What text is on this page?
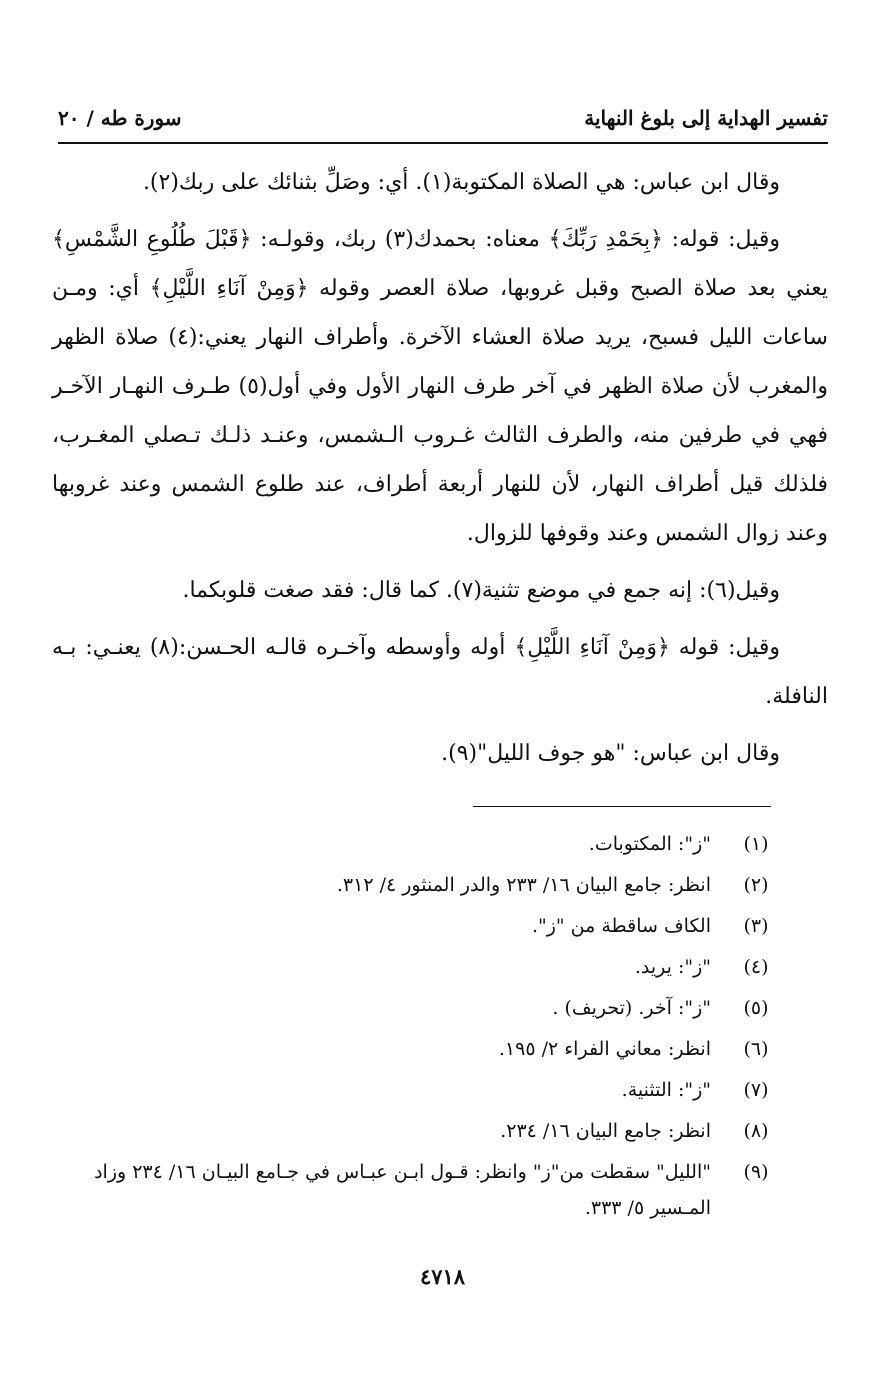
تفسير الهداية إلى بلوغ النهاية
سورة طه / ٢٠

وقال ابن عباس: هي الصلاة المكتوبة(١). أي: وصَلِّ بثنائك على ربك(٢).

وقيل: قوله: ﴿بِحَمْدِ رَبِّكَ﴾ معناه: بحمدك(٣) ربك، وقولـه: ﴿قَبْلَ طُلُوعِ الشَّمْسِ﴾ يعني بعد صلاة الصبح وقبل غروبها، صلاة العصر وقوله ﴿وَمِنْ آنَاءِ اللَّيْلِ﴾ أي: ومـن ساعات الليل فسبح، يريد صلاة العشاء الآخرة. وأطراف النهار يعني:(٤) صلاة الظهر والمغرب لأن صلاة الظهر في آخر طرف النهار الأول وفي أول(٥) طـرف النهـار الآخـر فهي في طرفين منه، والطرف الثالث غـروب الـشمس، وعنـد ذلـك تـصلي المغـرب، فلذلك قيل أطراف النهار، لأن للنهار أربعة أطراف، عند طلوع الشمس وعند غروبها وعند زوال الشمس وعند وقوفها للزوال.

وقيل(٦): إنه جمع في موضع تثنية(٧). كما قال: فقد صغت قلوبكما.

وقيل: قوله ﴿وَمِنْ آنَاءِ اللَّيْلِ﴾ أوله وأوسطه وآخـره قالـه الحـسن:(٨) يعنـي: بـه النافلة.

وقال ابن عباس: "هو جوف الليل"(٩).

(١)
"ز": المكتوبات.
(٢)
انظر: جامع البيان ١٦/ ٢٣٣ والدر المنثور ٤/ ٣١٢.
(٣)
الكاف ساقطة من "ز".
(٤)
"ز": يريد.
(٥)
"ز": آخر. (تحريف) .
(٦)
انظر: معاني الفراء ٢/ ١٩٥.
(٧)
"ز": التثنية.
(٨)
انظر: جامع البيان ١٦/ ٢٣٤.
(٩)
"الليل" سقطت من"ز" وانظر: قـول ابـن عبـاس في جـامع البيـان ١٦/ ٢٣٤ وزاد المـسير ٥/ ٣٣٣.
٤٧١٨
